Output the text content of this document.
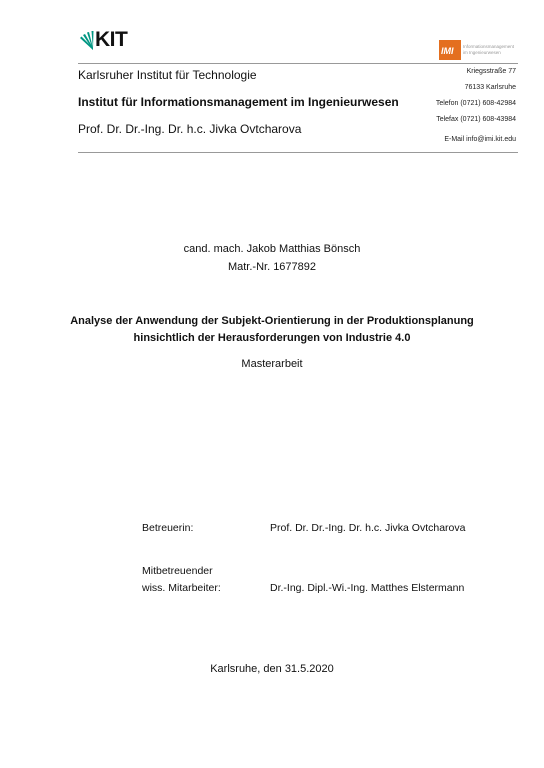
KIT	IMI Informationsmanagement im Ingenieurwesen
Karlsruher Institut für Technologie
Institut für Informationsmanagement im Ingenieurwesen
Prof. Dr. Dr.-Ing. Dr. h.c. Jivka Ovtcharova
Kriegsstraße 77
76133 Karlsruhe
Telefon (0721) 608-42984
Telefax (0721) 608-43984
E-Mail info@imi.kit.edu
cand. mach. Jakob Matthias Bönsch
Matr.-Nr. 1677892
Analyse der Anwendung der Subjekt-Orientierung in der Produktionsplanung
hinsichtlich der Herausforderungen von Industrie 4.0
Masterarbeit
Betreuerin:	Prof. Dr. Dr.-Ing. Dr. h.c. Jivka Ovtcharova
Mitbetreuender
wiss. Mitarbeiter:	Dr.-Ing. Dipl.-Wi.-Ing. Matthes Elstermann
Karlsruhe, den 31.5.2020
